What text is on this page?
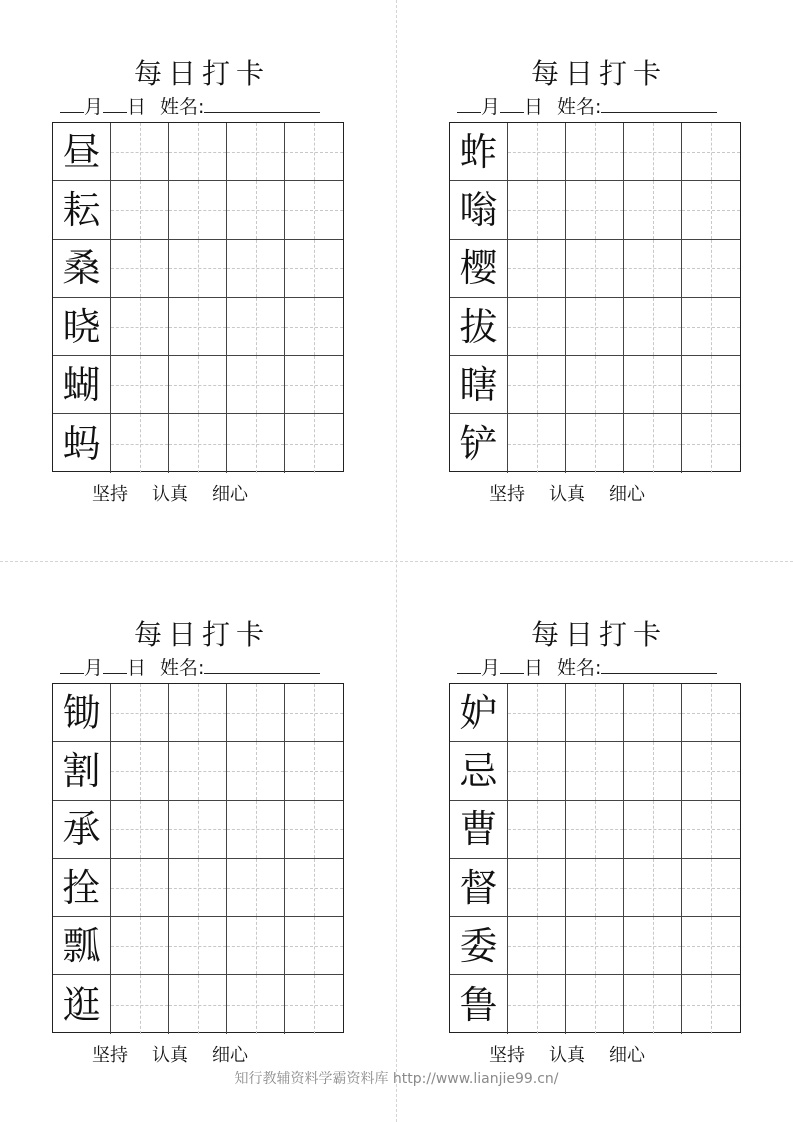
每日打卡
月 日 姓名:
昼
耘
桑
晓
蝴
蚂
坚持 认真 细心
每日打卡
月 日 姓名:
蚱
嗡
樱
拔
瞎
铲
坚持 认真 细心
每日打卡
月 日 姓名:
锄
割
承
拴
瓢
逛
坚持 认真 细心
每日打卡
月 日 姓名:
妒
忌
曹
督
委
鲁
坚持 认真 细心
知行教辅资料学霸资料库 http://www.lianjie99.cn/
